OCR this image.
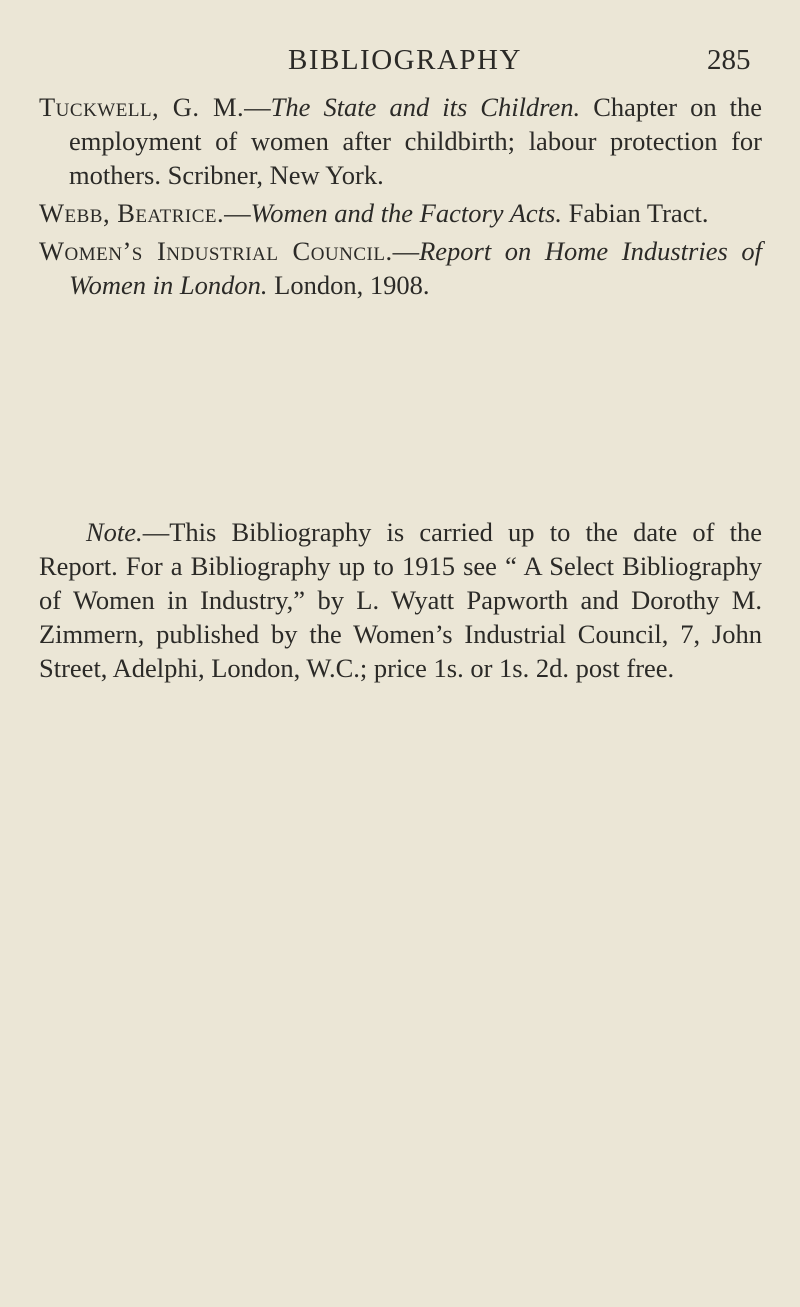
BIBLIOGRAPHY	285

Tuckwell, G. M.—The State and its Children. Chapter on the employment of women after childbirth; labour protection for mothers. Scribner, New York.

Webb, Beatrice.—Women and the Factory Acts. Fabian Tract.

Women’s Industrial Council.—Report on Home Industries of Women in London. London, 1908.

Note.—This Bibliography is carried up to the date of the Report. For a Bibliography up to 1915 see “ A Select Bibliography of Women in Industry,” by L. Wyatt Papworth and Dorothy M. Zimmern, published by the Women’s Industrial Council, 7, John Street, Adelphi, London, W.C.; price 1s. or 1s. 2d. post free.
